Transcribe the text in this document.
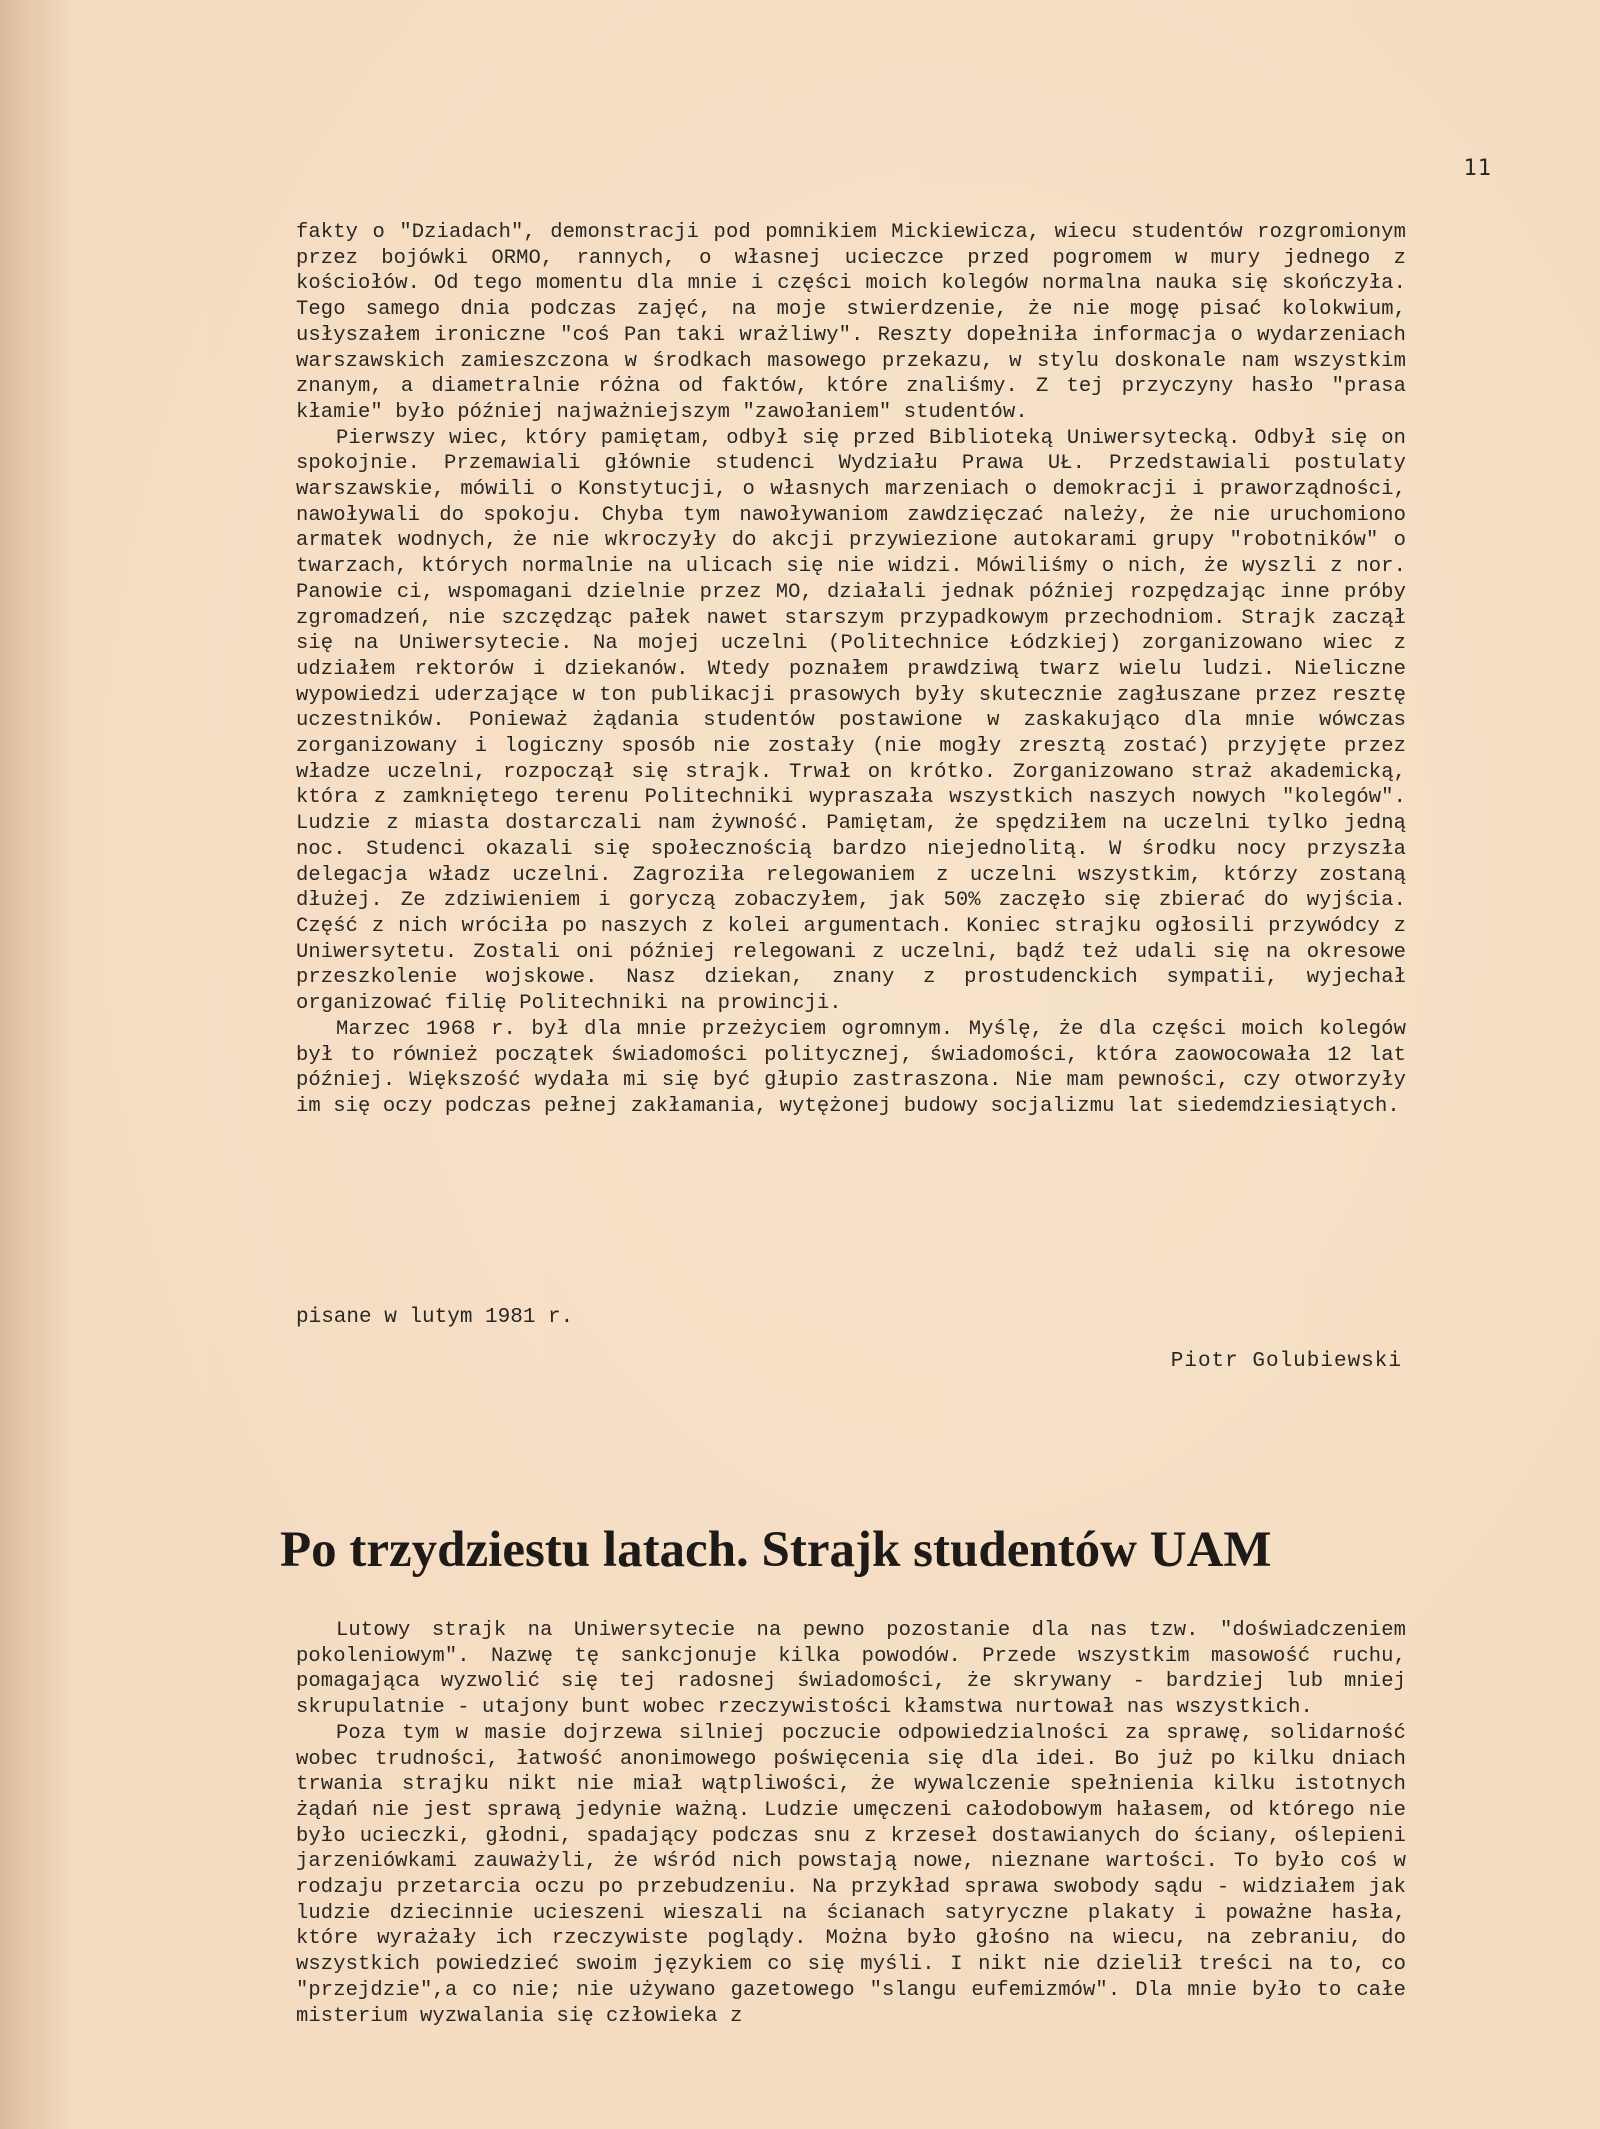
11

fakty o "Dziadach", demonstracji pod pomnikiem Mickiewicza, wiecu studentów rozgromionym przez bojówki ORMO, rannych, o własnej ucieczce przed pogromem w mury jednego z kościołów. Od tego momentu dla mnie i części moich kolegów normalna nauka się skończyła. Tego samego dnia podczas zajęć, na moje stwierdzenie, że nie mogę pisać kolokwium, usłyszałem ironiczne "coś Pan taki wrażliwy". Reszty dopełniła informacja o wydarzeniach warszawskich zamieszczona w środkach masowego przekazu, w stylu doskonale nam wszystkim znanym, a diametralnie różna od faktów, które znaliśmy. Z tej przyczyny hasło "prasa kłamie" było później najważniejszym "zawołaniem" studentów.

Pierwszy wiec, który pamiętam, odbył się przed Biblioteką Uniwersytecką. Odbył się on spokojnie. Przemawiali głównie studenci Wydziału Prawa UŁ. Przedstawiali postulaty warszawskie, mówili o Konstytucji, o własnych marzeniach o demokracji i praworządności, nawoływali do spokoju. Chyba tym nawoływaniom zawdzięczać należy, że nie uruchomiono armatek wodnych, że nie wkroczyły do akcji przywiezione autokarami grupy "robotników" o twarzach, których normalnie na ulicach się nie widzi. Mówiliśmy o nich, że wyszli z nor. Panowie ci, wspomagani dzielnie przez MO, działali jednak później rozpędzając inne próby zgromadzeń, nie szczędząc pałek nawet starszym przypadkowym przechodniom. Strajk zaczął się na Uniwersytecie. Na mojej uczelni (Politechnice Łódzkiej) zorganizowano wiec z udziałem rektorów i dziekanów. Wtedy poznałem prawdziwą twarz wielu ludzi. Nieliczne wypowiedzi uderzające w ton publikacji prasowych były skutecznie zagłuszane przez resztę uczestników. Ponieważ żądania studentów postawione w zaskakująco dla mnie wówczas zorganizowany i logiczny sposób nie zostały (nie mogły zresztą zostać) przyjęte przez władze uczelni, rozpoczął się strajk. Trwał on krótko. Zorganizowano straż akademicką, która z zamkniętego terenu Politechniki wypraszała wszystkich naszych nowych "kolegów". Ludzie z miasta dostarczali nam żywność. Pamiętam, że spędziłem na uczelni tylko jedną noc. Studenci okazali się społecznością bardzo niejednolitą. W środku nocy przyszła delegacja władz uczelni. Zagroziła relegowaniem z uczelni wszystkim, którzy zostaną dłużej. Ze zdziwieniem i goryczą zobaczyłem, jak 50% zaczęło się zbierać do wyjścia. Część z nich wróciła po naszych z kolei argumentach. Koniec strajku ogłosili przywódcy z Uniwersytetu. Zostali oni później relegowani z uczelni, bądź też udali się na okresowe przeszkolenie wojskowe. Nasz dziekan, znany z prostudenckich sympatii, wyjechał organizować filię Politechniki na prowincji.

Marzec 1968 r. był dla mnie przeżyciem ogromnym. Myślę, że dla części moich kolegów był to również początek świadomości politycznej, świadomości, która zaowocowała 12 lat później. Większość wydała mi się być głupio zastraszona. Nie mam pewności, czy otworzyły im się oczy podczas pełnej zakłamania, wytężonej budowy socjalizmu lat siedemdziesiątych.

pisane w lutym 1981 r.
Piotr Golubiewski
Po trzydziestu latach. Strajk studentów UAM

Lutowy strajk na Uniwersytecie na pewno pozostanie dla nas tzw. "doświadczeniem pokoleniowym". Nazwę tę sankcjonuje kilka powodów. Przede wszystkim masowość ruchu, pomagająca wyzwolić się tej radosnej świadomości, że skrywany - bardziej lub mniej skrupulatnie - utajony bunt wobec rzeczywistości kłamstwa nurtował nas wszystkich.

Poza tym w masie dojrzewa silniej poczucie odpowiedzialności za sprawę, solidarność wobec trudności, łatwość anonimowego poświęcenia się dla idei. Bo już po kilku dniach trwania strajku nikt nie miał wątpliwości, że wywalczenie spełnienia kilku istotnych żądań nie jest sprawą jedynie ważną. Ludzie umęczeni całodobowym hałasem, od którego nie było ucieczki, głodni, spadający podczas snu z krzeseł dostawianych do ściany, oślepieni jarzeniówkami zauważyli, że wśród nich powstają nowe, nieznane wartości. To było coś w rodzaju przetarcia oczu po przebudzeniu. Na przykład sprawa swobody sądu - widziałem jak ludzie dziecinnie ucieszeni wieszali na ścianach satyryczne plakaty i poważne hasła, które wyrażały ich rzeczywiste poglądy. Można było głośno na wiecu, na zebraniu, do wszystkich powiedzieć swoim językiem co się myśli. I nikt nie dzielił treści na to, co "przejdzie",a co nie; nie używano gazetowego "slangu eufemizmów". Dla mnie było to całe misterium wyzwalania się człowieka z
